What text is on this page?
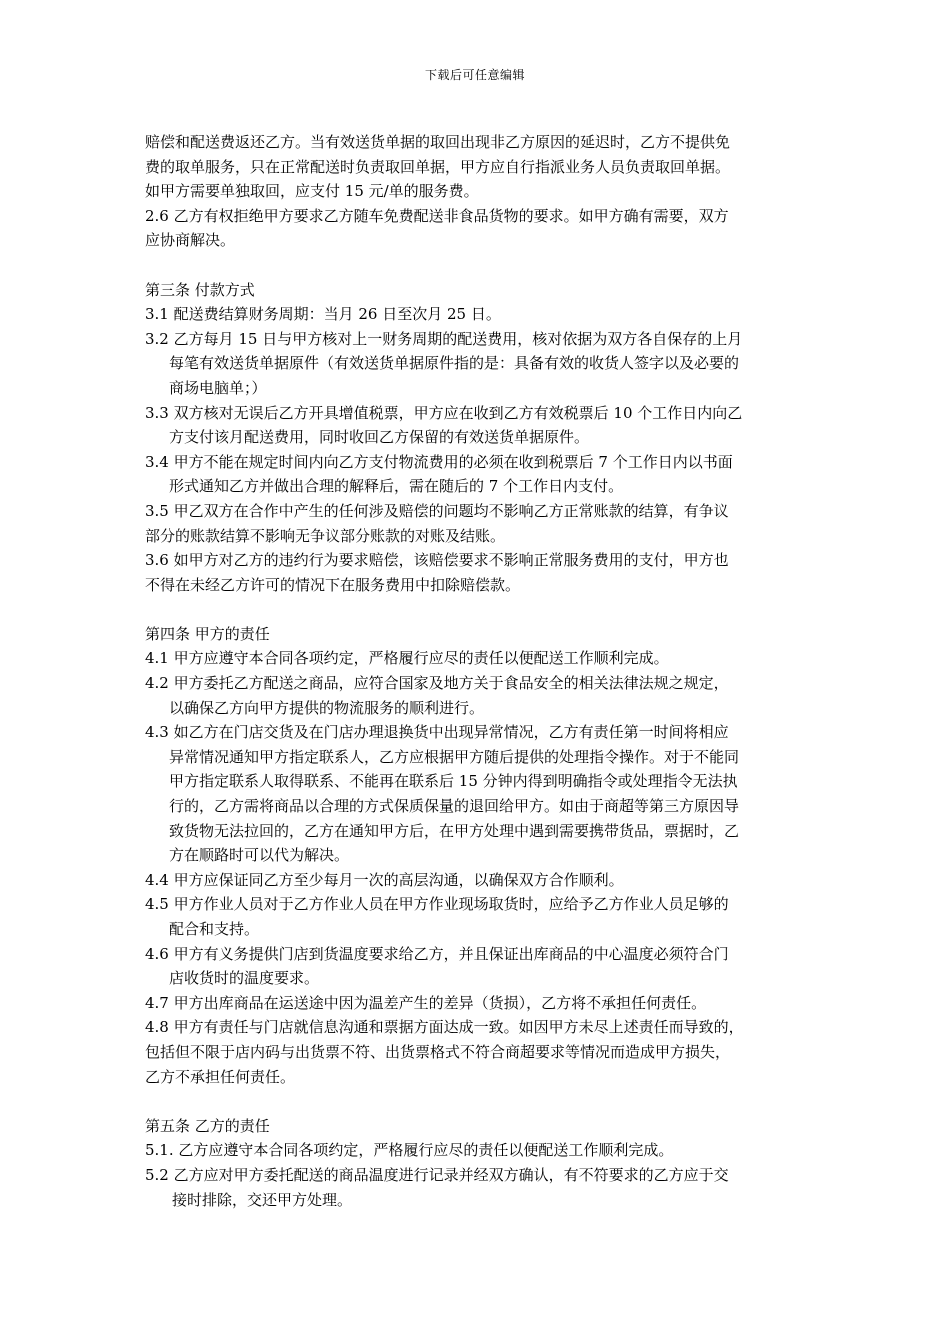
下载后可任意编辑
赔偿和配送费返还乙方。当有效送货单据的取回出现非乙方原因的延迟时，乙方不提供免
费的取单服务，只在正常配送时负责取回单据，甲方应自行指派业务人员负责取回单据。
如甲方需要单独取回，应支付 15 元/单的服务费。
2.6 乙方有权拒绝甲方要求乙方随车免费配送非食品货物的要求。如甲方确有需要，双方
应协商解决。
第三条 付款方式
3.1 配送费结算财务周期：当月 26 日至次月 25 日。
3.2 乙方每月 15 日与甲方核对上一财务周期的配送费用，核对依据为双方各自保存的上月
每笔有效送货单据原件（有效送货单据原件指的是：具备有效的收货人签字以及必要的
商场电脑单；）
3.3 双方核对无误后乙方开具增值税票，甲方应在收到乙方有效税票后 10 个工作日内向乙
方支付该月配送费用，同时收回乙方保留的有效送货单据原件。
3.4 甲方不能在规定时间内向乙方支付物流费用的必须在收到税票后 7 个工作日内以书面
形式通知乙方并做出合理的解释后，需在随后的 7 个工作日内支付。
3.5 甲乙双方在合作中产生的任何涉及赔偿的问题均不影响乙方正常账款的结算，有争议
部分的账款结算不影响无争议部分账款的对账及结账。
3.6 如甲方对乙方的违约行为要求赔偿，该赔偿要求不影响正常服务费用的支付，甲方也
不得在未经乙方许可的情况下在服务费用中扣除赔偿款。
第四条 甲方的责任
4.1 甲方应遵守本合同各项约定，严格履行应尽的责任以便配送工作顺利完成。
4.2 甲方委托乙方配送之商品，应符合国家及地方关于食品安全的相关法律法规之规定，
以确保乙方向甲方提供的物流服务的顺利进行。
4.3 如乙方在门店交货及在门店办理退换货中出现异常情况，乙方有责任第一时间将相应
异常情况通知甲方指定联系人，乙方应根据甲方随后提供的处理指令操作。对于不能同
甲方指定联系人取得联系、不能再在联系后 15 分钟内得到明确指令或处理指令无法执
行的，乙方需将商品以合理的方式保质保量的退回给甲方。如由于商超等第三方原因导
致货物无法拉回的，乙方在通知甲方后，在甲方处理中遇到需要携带货品，票据时，乙
方在顺路时可以代为解决。
4.4 甲方应保证同乙方至少每月一次的高层沟通，以确保双方合作顺利。
4.5 甲方作业人员对于乙方作业人员在甲方作业现场取货时，应给予乙方作业人员足够的
配合和支持。
4.6 甲方有义务提供门店到货温度要求给乙方，并且保证出库商品的中心温度必须符合门
店收货时的温度要求。
4.7 甲方出库商品在运送途中因为温差产生的差异（货损），乙方将不承担任何责任。
4.8 甲方有责任与门店就信息沟通和票据方面达成一致。如因甲方未尽上述责任而导致的，
包括但不限于店内码与出货票不符、出货票格式不符合商超要求等情况而造成甲方损失，
乙方不承担任何责任。
第五条 乙方的责任
5.1. 乙方应遵守本合同各项约定，严格履行应尽的责任以便配送工作顺利完成。
5.2 乙方应对甲方委托配送的商品温度进行记录并经双方确认，有不符要求的乙方应于交
接时排除，交还甲方处理。
